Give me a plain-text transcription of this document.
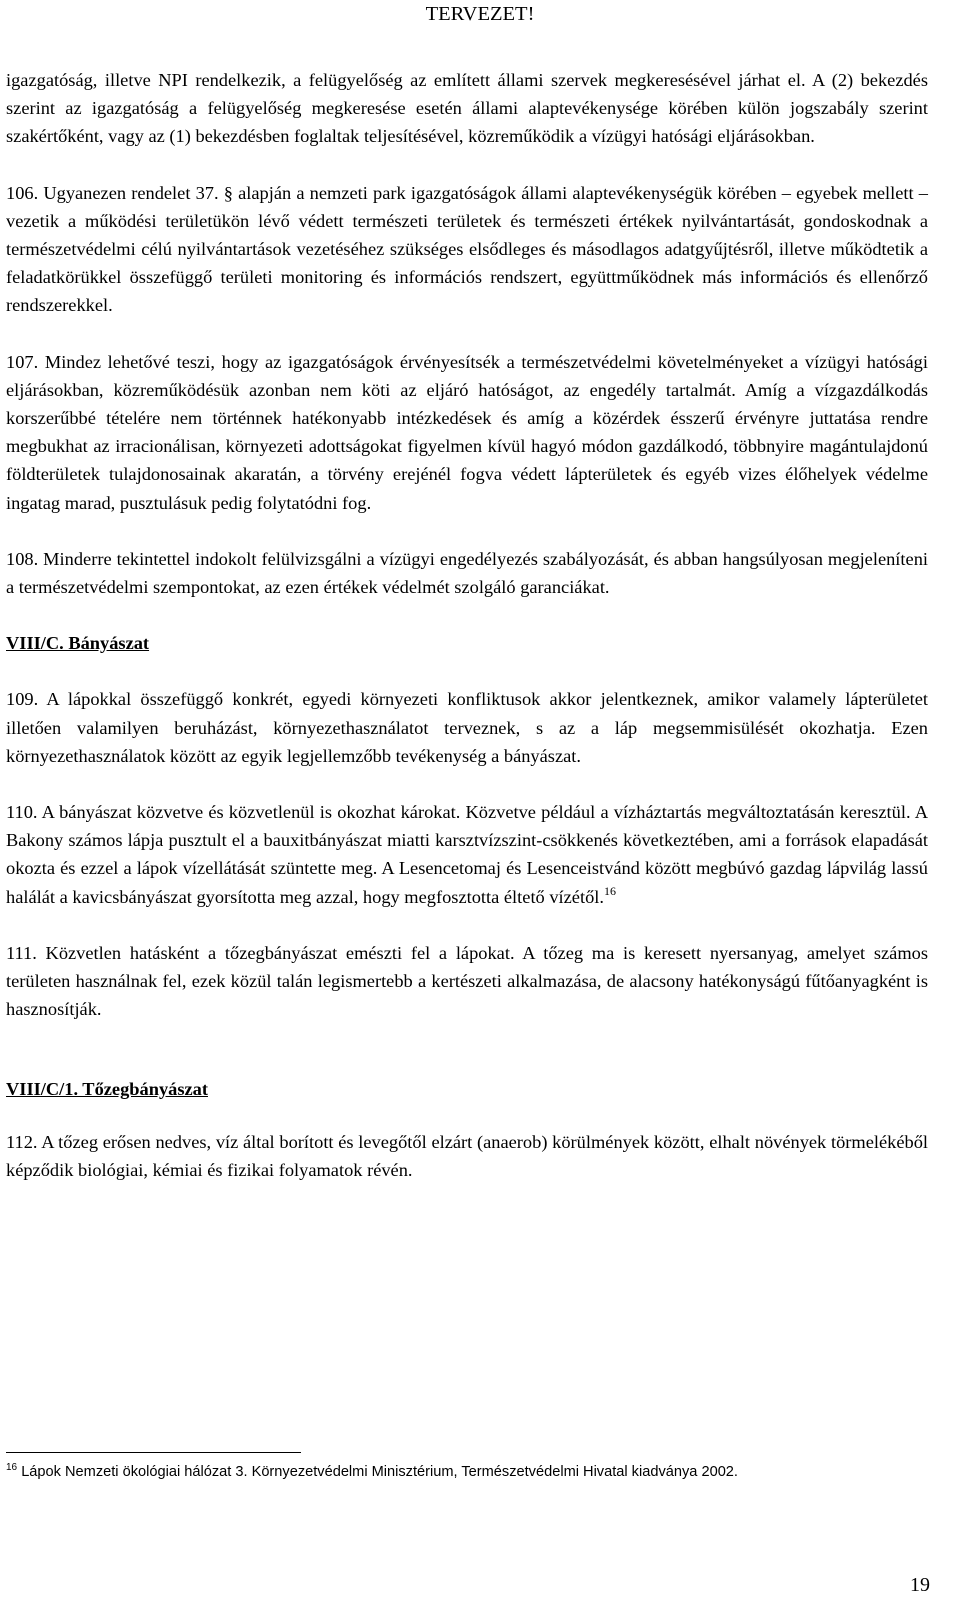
TERVEZET!

igazgatóság, illetve NPI rendelkezik, a felügyelőség az említett állami szervek megkeresésével járhat el. A (2) bekezdés szerint az igazgatóság a felügyelőség megkeresése esetén állami alaptevékenysége körében külön jogszabály szerint szakértőként, vagy az (1) bekezdésben foglaltak teljesítésével, közreműködik a vízügyi hatósági eljárásokban.

106. Ugyanezen rendelet 37. § alapján a nemzeti park igazgatóságok állami alaptevékenységük körében – egyebek mellett – vezetik a működési területükön lévő védett természeti területek és természeti értékek nyilvántartását, gondoskodnak a természetvédelmi célú nyilvántartások vezetéséhez szükséges elsődleges és másodlagos adatgyűjtésről, illetve működtetik a feladatkörükkel összefüggő területi monitoring és információs rendszert, együttműködnek más információs és ellenőrző rendszerekkel.

107. Mindez lehetővé teszi, hogy az igazgatóságok érvényesítsék a természetvédelmi követelményeket a vízügyi hatósági eljárásokban, közreműködésük azonban nem köti az eljáró hatóságot, az engedély tartalmát. Amíg a vízgazdálkodás korszerűbbé tételére nem történnek hatékonyabb intézkedések és amíg a közérdek ésszerű érvényre juttatása rendre megbukhat az irracionálisan, környezeti adottságokat figyelmen kívül hagyó módon gazdálkodó, többnyire magántulajdonú földterületek tulajdonosainak akaratán, a törvény erejénél fogva védett lápterületek és egyéb vizes élőhelyek védelme ingatag marad, pusztulásuk pedig folytatódni fog.

108. Minderre tekintettel indokolt felülvizsgálni a vízügyi engedélyezés szabályozását, és abban hangsúlyosan megjeleníteni a természetvédelmi szempontokat, az ezen értékek védelmét szolgáló garanciákat.

VIII/C. Bányászat

109. A lápokkal összefüggő konkrét, egyedi környezeti konfliktusok akkor jelentkeznek, amikor valamely lápterületet illetően valamilyen beruházást, környezethasználatot terveznek, s az a láp megsemmisülését okozhatja. Ezen környezethasználatok között az egyik legjellemzőbb tevékenység a bányászat.

110. A bányászat közvetve és közvetlenül is okozhat károkat. Közvetve például a vízháztartás megváltoztatásán keresztül. A Bakony számos lápja pusztult el a bauxitbányászat miatti karsztvízszint-csökkenés következtében, ami a források elapadását okozta és ezzel a lápok vízellátását szüntette meg. A Lesencetomaj és Lesenceistvánd között megbúvó gazdag lápvilág lassú halálát a kavicsbányászat gyorsította meg azzal, hogy megfosztotta éltető vízétől.$^{16}$

111. Közvetlen hatásként a tőzegbányászat emészti fel a lápokat. A tőzeg ma is keresett nyersanyag, amelyet számos területen használnak fel, ezek közül talán legismertebb a kertészeti alkalmazása, de alacsony hatékonyságú fűtőanyagként is hasznosítják.

VIII/C/1. Tőzegbányászat

112. A tőzeg erősen nedves, víz által borított és levegőtől elzárt (anaerob) körülmények között, elhalt növények törmelékéből képződik biológiai, kémiai és fizikai folyamatok révén.

$^{16}$ Lápok Nemzeti ökológiai hálózat 3. Környezetvédelmi Minisztérium, Természetvédelmi Hivatal kiadványa 2002.
19
